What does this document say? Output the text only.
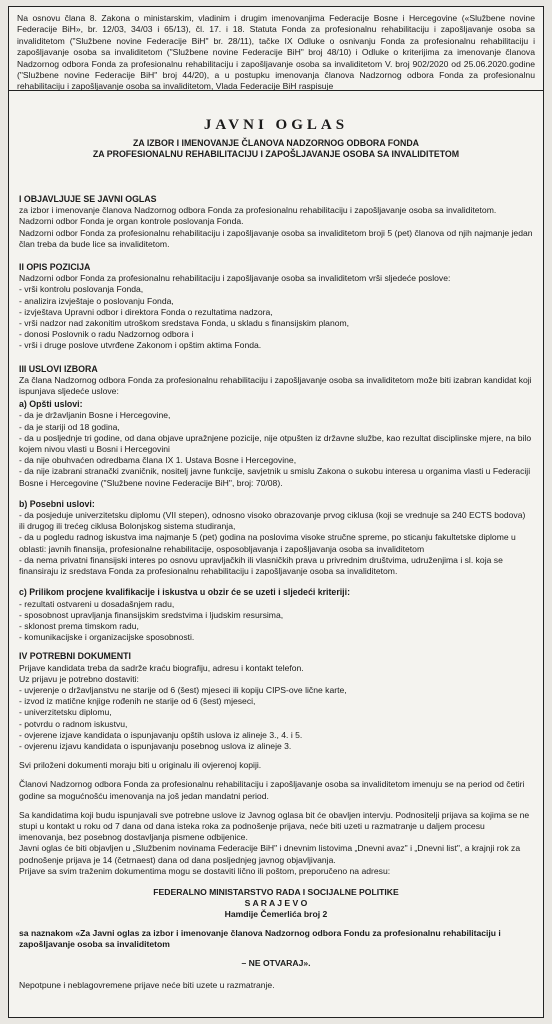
Na osnovu člana 8. Zakona o ministarskim, vladinim i drugim imenovanjima Federacije Bosne i Hercegovine («Službene novine Federacije BiH», br. 12/03, 34/03 i 65/13), čl. 17. i 18. Statuta Fonda za profesionalnu rehabilitaciju i zapošljavanje osoba sa invaliditetom ("Službene novine Federacije BiH" br. 28/11), tačke IX Odluke o osnivanju Fonda za profesionalnu rehabilitaciju i zapošljavanje osoba sa invaliditetom ("Službene novine Federacije BiH" broj 48/10) i Odluke o kriterijima za imenovanje članova Nadzornog odbora Fonda za profesionalnu rehabilitaciju i zapošljavanje osoba sa invaliditetom V. broj 902/2020 od 25.06.2020.godine ("Službene novine Federacije BiH" broj 44/20), a u postupku imenovanja članova Nadzornog odbora Fonda za profesionalnu rehabilitaciju i zapošljavanje osoba sa invaliditetom, Vlada Federacije BiH raspisuje
JAVNI OGLAS
ZA IZBOR I IMENOVANJE ČLANOVA NADZORNOG ODBORA FONDA
ZA PROFESIONALNU REHABILITACIJU I ZAPOŠLJAVANJE OSOBA SA INVALIDITETOM
I OBJAVLJUJE SE JAVNI OGLAS

za izbor i imenovanje članova Nadzornog odbora Fonda za profesionalnu rehabilitaciju i zapošljavanje osoba sa invaliditetom.

Nadzorni odbor Fonda je organ kontrole poslovanja Fonda.

Nadzorni odbor Fonda za profesionalnu rehabilitaciju i zapošljavanje osoba sa invaliditetom broji 5 (pet) članova od njih najmanje jedan član treba da bude lice sa invaliditetom.

II OPIS POZICIJA

Nadzorni odbor Fonda za profesionalnu rehabilitaciju i zapošljavanje osoba sa invaliditetom vrši sljedeće poslove:

- vrši kontrolu poslovanja Fonda,
- analizira izvještaje o poslovanju Fonda,
- izvještava Upravni odbor i direktora Fonda o rezultatima nadzora,
- vrši nadzor nad zakonitim utroškom sredstava Fonda, u skladu s finansijskim planom,
- donosi Poslovnik o radu Nadzornog odbora i
- vrši i druge poslove utvrđene Zakonom i opštim aktima Fonda.
III USLOVI IZBORA

Za člana Nadzornog odbora Fonda za profesionalnu rehabilitaciju i zapošljavanje osoba sa invaliditetom može biti izabran kandidat koji ispunjava sljedeće uslove:

a) Opšti uslovi:
- da je državljanin Bosne i Hercegovine,
- da je stariji od 18 godina,
- da u posljednje tri godine, od dana objave upražnjene pozicije, nije otpušten iz državne službe, kao rezultat disciplinske mjere, na bilo kojem nivou vlasti u Bosni i Hercegovini
- da nije obuhvaćen odredbama člana IX 1. Ustava Bosne i Hercegovine,
- da nije izabrani stranački zvaničnik, nositelj javne funkcije, savjetnik u smislu Zakona o sukobu interesa u organima vlasti u Federaciji Bosne i Hercegovine ("Službene novine Federacije BiH", broj: 70/08).
b) Posebni uslovi:
- da posjeduje univerzitetsku diplomu (VII stepen), odnosno visoko obrazovanje prvog ciklusa (koji se vrednuje sa 240 ECTS bodova) ili drugog ili trećeg ciklusa Bolonjskog sistema studiranja,
- da u pogledu radnog iskustva ima najmanje 5 (pet) godina na poslovima visoke stručne spreme, po sticanju fakultetske diplome u oblasti: javnih finansija, profesionalne rehabilitacije, osposobljavanja i zapošljavanja osoba sa invaliditetom
- da nema privatni finansijski interes po osnovu upravljačkih ili vlasničkih prava u privrednim društvima, udruženjima i sl. koja se finansiraju iz sredstava Fonda za profesionalnu rehabilitaciju i zapošljavanje osoba sa invaliditetom.
c) Prilikom procjene kvalifikacije i iskustva u obzir će se uzeti i sljedeći kriteriji:
- rezultati ostvareni u dosadašnjem radu,
- sposobnost upravljanja finansijskim sredstvima i ljudskim resursima,
- sklonost prema timskom radu,
- komunikacijske i organizacijske sposobnosti.
IV POTREBNI DOKUMENTI

Prijave kandidata treba da sadrže kraću biografiju, adresu i kontakt telefon.

Uz prijavu je potrebno dostaviti:

- uvjerenje o državljanstvu ne starije od 6 (šest) mjeseci ili kopiju CIPS-ove lične karte,
- izvod iz matične knjige rođenih ne starije od 6 (šest) mjeseci,
- univerzitetsku diplomu,
- potvrdu o radnom iskustvu,
- ovjerene izjave kandidata o ispunjavanju opštih uslova iz alineje 3., 4. i 5.
- ovjerenu izjavu kandidata o ispunjavanju posebnog uslova iz alineje 3.

Svi priloženi dokumenti moraju biti u originalu ili ovjerenoj kopiji.

Članovi Nadzornog odbora Fonda za profesionalnu rehabilitaciju i zapošljavanje osoba sa invaliditetom imenuju se na period od četiri godine sa mogućnošću imenovanja na još jedan mandatni period.

Sa kandidatima koji budu ispunjavali sve potrebne uslove iz Javnog oglasa bit će obavljen intervju. Podnositelji prijava sa kojima se ne stupi u kontakt u roku od 7 dana od dana isteka roka za podnošenje prijava, neće biti uzeti u razmatranje u daljem procesu imenovanja, bez posebnog dostavljanja pismene odbijenice.

Javni oglas će biti objavljen u „Službenim novinama Federacije BiH" i dnevnim listovima „Dnevni avaz" i „Dnevni list", a krajnji rok za podnošenje prijava je 14 (četrnaest) dana od dana posljednjeg javnog objavljivanja.

Prijave sa svim traženim dokumentima mogu se dostaviti lično ili poštom, preporučeno na adresu:

FEDERALNO MINISTARSTVO RADA I SOCIJALNE POLITIKE
S A R A J E V O
Hamdije Čemerlića broj 2
sa naznakom «Za Javni oglas za izbor i imenovanje članova Nadzornog odbora Fondu za profesionalnu rehabilitaciju i zapošljavanje osoba sa invaliditetom
– NE OTVARAJ».
Nepotpune i neblagovremene prijave neće biti uzete u razmatranje.
